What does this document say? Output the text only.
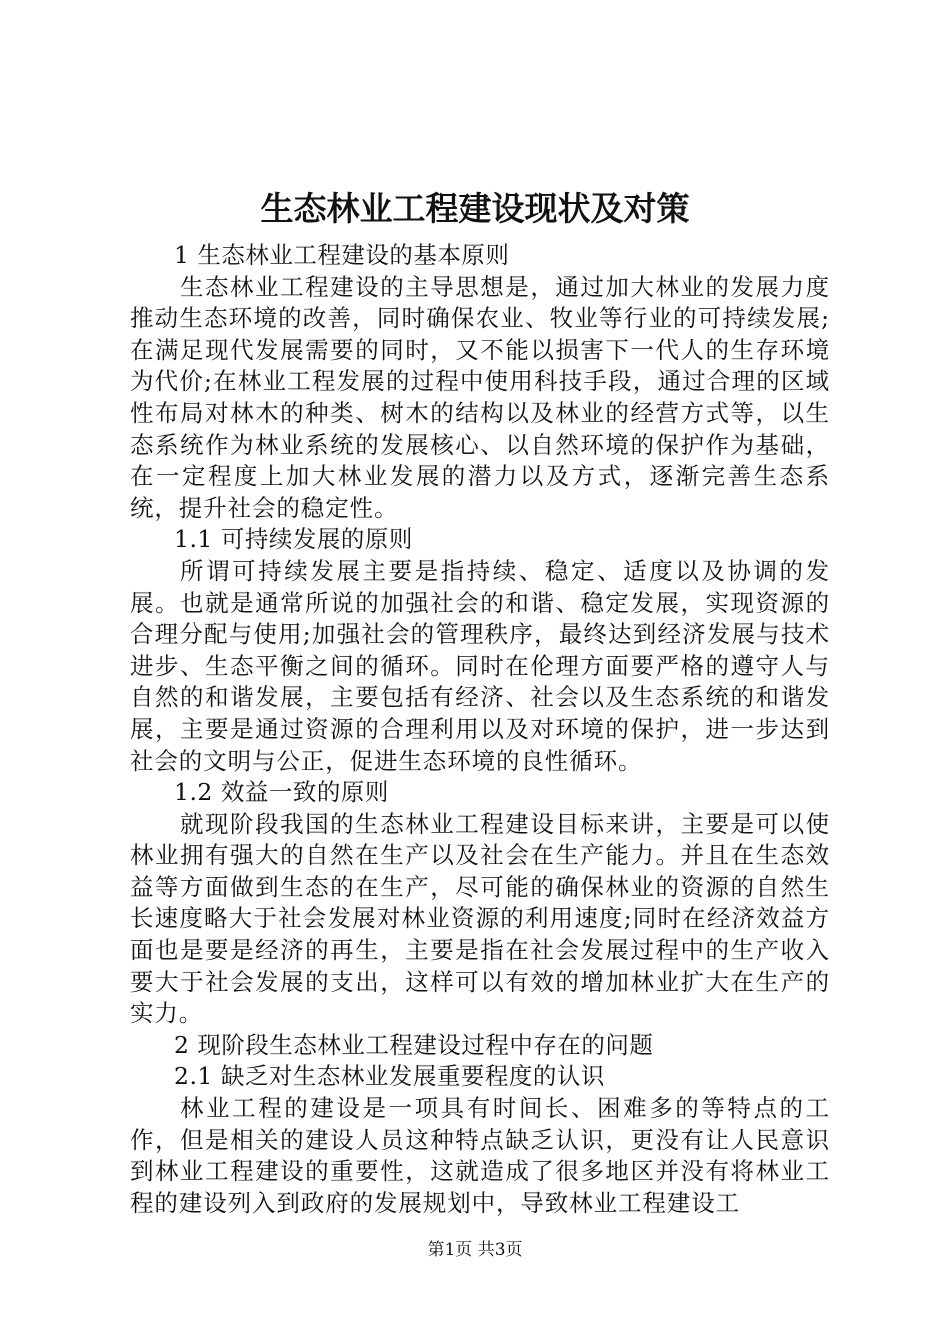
生态林业工程建设现状及对策

1 生态林业工程建设的基本原则

生态林业工程建设的主导思想是，通过加大林业的发展力度推动生态环境的改善，同时确保农业、牧业等行业的可持续发展;在满足现代发展需要的同时，又不能以损害下一代人的生存环境为代价;在林业工程发展的过程中使用科技手段，通过合理的区域性布局对林木的种类、树木的结构以及林业的经营方式等，以生态系统作为林业系统的发展核心、以自然环境的保护作为基础，在一定程度上加大林业发展的潜力以及方式，逐渐完善生态系统，提升社会的稳定性。

1.1 可持续发展的原则

所谓可持续发展主要是指持续、稳定、适度以及协调的发展。也就是通常所说的加强社会的和谐、稳定发展，实现资源的合理分配与使用;加强社会的管理秩序，最终达到经济发展与技术进步、生态平衡之间的循环。同时在伦理方面要严格的遵守人与自然的和谐发展，主要包括有经济、社会以及生态系统的和谐发展，主要是通过资源的合理利用以及对环境的保护，进一步达到社会的文明与公正，促进生态环境的良性循环。

1.2 效益一致的原则

就现阶段我国的生态林业工程建设目标来讲，主要是可以使林业拥有强大的自然在生产以及社会在生产能力。并且在生态效益等方面做到生态的在生产，尽可能的确保林业的资源的自然生长速度略大于社会发展对林业资源的利用速度;同时在经济效益方面也是要是经济的再生，主要是指在社会发展过程中的生产收入要大于社会发展的支出，这样可以有效的增加林业扩大在生产的实力。

2 现阶段生态林业工程建设过程中存在的问题

2.1 缺乏对生态林业发展重要程度的认识

林业工程的建设是一项具有时间长、困难多的等特点的工作，但是相关的建设人员这种特点缺乏认识，更没有让人民意识到林业工程建设的重要性，这就造成了很多地区并没有将林业工程的建设列入到政府的发展规划中，导致林业工程建设工

第1页 共3页
